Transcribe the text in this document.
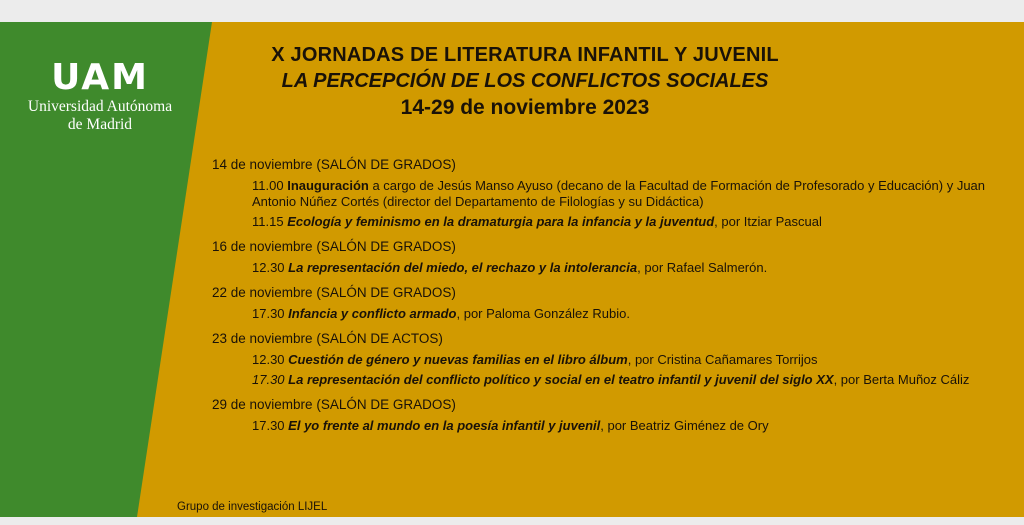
UAM
Universidad Autónoma
de Madrid
X JORNADAS DE LITERATURA INFANTIL Y JUVENIL
LA PERCEPCIÓN DE LOS CONFLICTOS SOCIALES
14-29 de noviembre 2023
14 de noviembre (SALÓN DE GRADOS)
11.00 Inauguración a cargo de Jesús Manso Ayuso (decano de la Facultad de Formación de Profesorado y Educación) y Juan Antonio Núñez Cortés (director del Departamento de Filologías y su Didáctica)
11.15 Ecología y feminismo en la dramaturgia para la infancia y la juventud, por Itziar Pascual
16 de noviembre (SALÓN DE GRADOS)
12.30 La representación del miedo, el rechazo y la intolerancia, por Rafael Salmerón.
22 de noviembre (SALÓN DE GRADOS)
17.30 Infancia y conflicto armado, por Paloma González Rubio.
23 de noviembre (SALÓN DE ACTOS)
12.30 Cuestión de género y nuevas familias en el libro álbum, por Cristina Cañamares Torrijos
17.30 La representación del conflicto político y social en el teatro infantil y juvenil del siglo XX, por Berta Muñoz Cáliz
29 de noviembre (SALÓN DE GRADOS)
17.30 El yo frente al mundo en la poesía infantil y juvenil, por Beatriz Giménez de Ory
Grupo de investigación LIJEL
